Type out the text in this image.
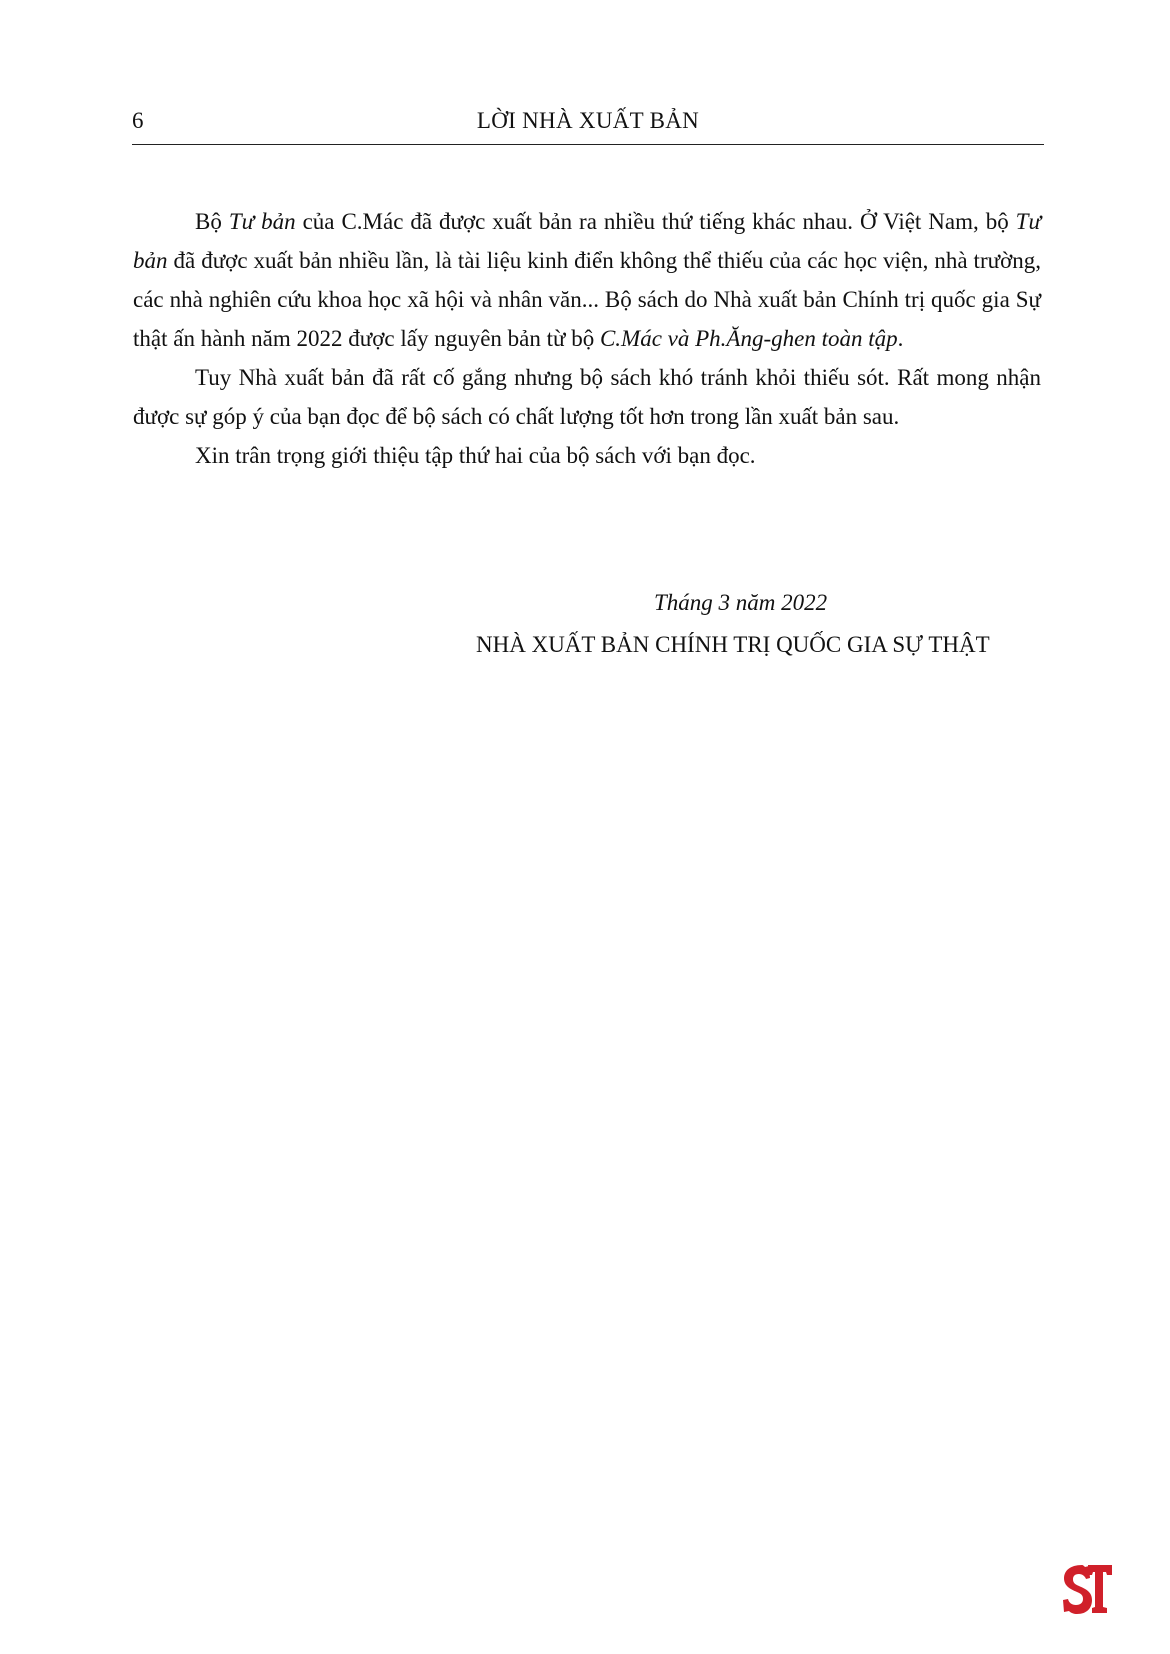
6	LỜI NHÀ XUẤT BẢN

Bộ Tư bản của C.Mác đã được xuất bản ra nhiều thứ tiếng khác nhau. Ở Việt Nam, bộ Tư bản đã được xuất bản nhiều lần, là tài liệu kinh điển không thể thiếu của các học viện, nhà trường, các nhà nghiên cứu khoa học xã hội và nhân văn... Bộ sách do Nhà xuất bản Chính trị quốc gia Sự thật ấn hành năm 2022 được lấy nguyên bản từ bộ C.Mác và Ph.Ăng-ghen toàn tập.

Tuy Nhà xuất bản đã rất cố gắng nhưng bộ sách khó tránh khỏi thiếu sót. Rất mong nhận được sự góp ý của bạn đọc để bộ sách có chất lượng tốt hơn trong lần xuất bản sau.

Xin trân trọng giới thiệu tập thứ hai của bộ sách với bạn đọc.

Tháng 3 năm 2022
NHÀ XUẤT BẢN CHÍNH TRỊ QUỐC GIA SỰ THẬT
